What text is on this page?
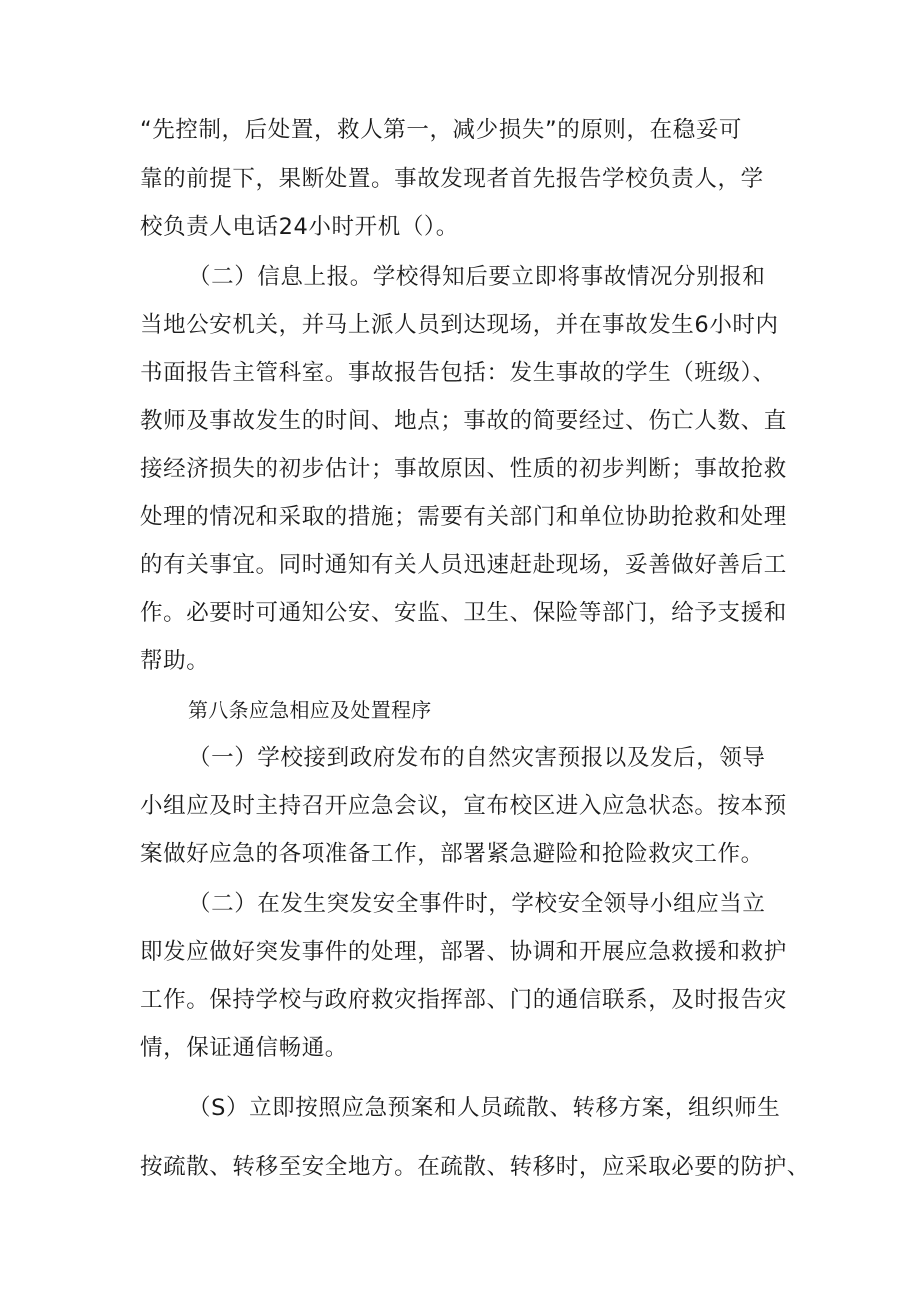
“先控制，后处置，救人第一，减少损失”的原则，在稳妥可

靠的前提下，果断处置。事故发现者首先报告学校负责人，学

校负责人电话24小时开机（）。

（二）信息上报。学校得知后要立即将事故情况分别报和

当地公安机关，并马上派人员到达现场，并在事故发生6小时内

书面报告主管科室。事故报告包括：发生事故的学生（班级）、

教师及事故发生的时间、地点；事故的简要经过、伤亡人数、直

接经济损失的初步估计；事故原因、性质的初步判断；事故抢救

处理的情况和采取的措施；需要有关部门和单位协助抢救和处理

的有关事宜。同时通知有关人员迅速赶赴现场，妥善做好善后工

作。必要时可通知公安、安监、卫生、保险等部门，给予支援和

帮助。

第八条应急相应及处置程序

（一）学校接到政府发布的自然灾害预报以及发后，领导

小组应及时主持召开应急会议，宣布校区进入应急状态。按本预

案做好应急的各项准备工作，部署紧急避险和抢险救灾工作。

（二）在发生突发安全事件时，学校安全领导小组应当立

即发应做好突发事件的处理，部署、协调和开展应急救援和救护

工作。保持学校与政府救灾指挥部、门的通信联系，及时报告灾

情，保证通信畅通。

（S）立即按照应急预案和人员疏散、转移方案，组织师生

按疏散、转移至安全地方。在疏散、转移时，应采取必要的防护、
